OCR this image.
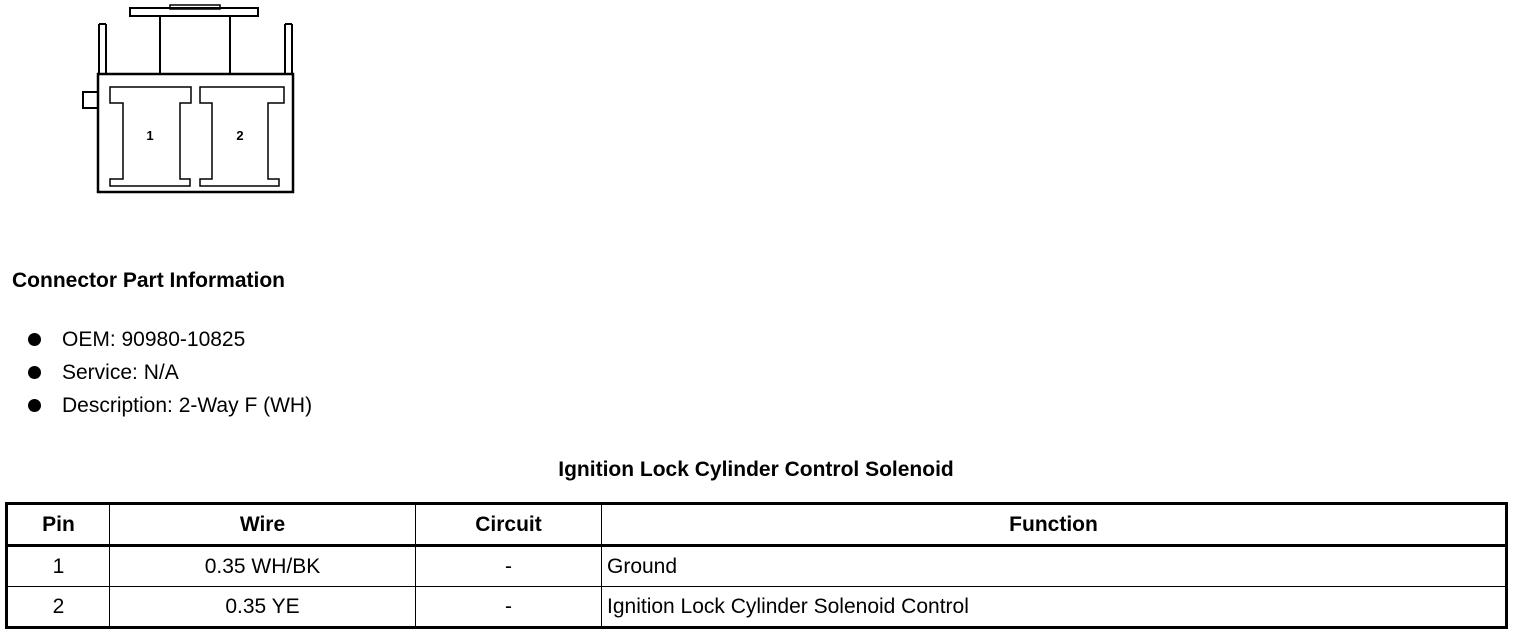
1	2
Connector Part Information
OEM: 90980-10825
Service: N/A
Description: 2-Way F (WH)
Ignition Lock Cylinder Control Solenoid
Pin	Wire	Circuit	Function
1	0.35 WH/BK	-	Ground
2	0.35 YE	-	Ignition Lock Cylinder Solenoid Control
